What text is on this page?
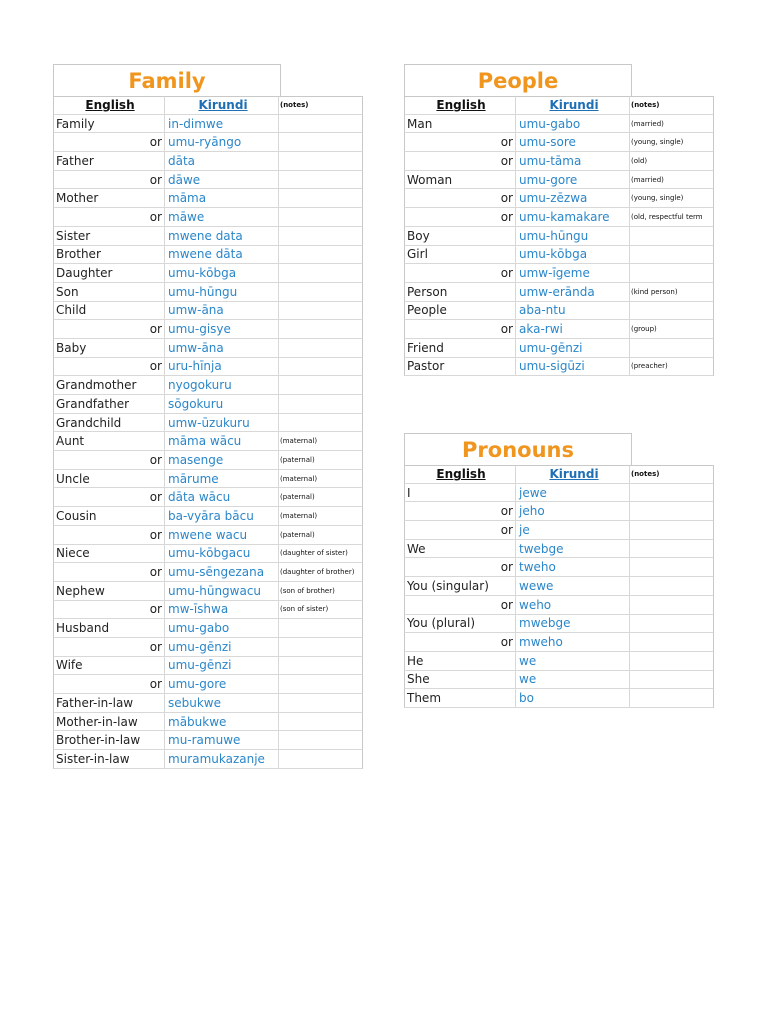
Family
English	Kirundi	(notes)
Family	in-dimwe
or umu-ryāngo
Father	dāta
or dāwe
Mother	māma
or māwe
Sister	mwene data
Brother	mwene dāta
Daughter	umu-kōbga
Son	umu-hūngu
Child	umw-āna
or umu-gisye
Baby	umw-āna
or uru-hīnja
Grandmother	nyogokuru
Grandfather	sōgokuru
Grandchild	umw-ūzukuru
Aunt	māma wācu	(maternal)
or masenge	(paternal)
Uncle	mārume	(maternal)
or dāta wācu	(paternal)
Cousin	ba-vyāra bācu	(maternal)
or mwene wacu	(paternal)
Niece	umu-kōbgacu	(daughter of sister)
or umu-sēngezana	(daughter of brother)
Nephew	umu-hūngwacu	(son of brother)
or mw-īshwa	(son of sister)
Husband	umu-gabo
or umu-gēnzi
Wife	umu-gēnzi
or umu-gore
Father-in-law	sebukwe
Mother-in-law	mābukwe
Brother-in-law	mu-ramuwe
Sister-in-law	muramukazanje
People
English	Kirundi	(notes)
Man	umu-gabo	(married)
or umu-sore	(young, single)
or umu-tāma	(old)
Woman	umu-gore	(married)
or umu-zēzwa	(young, single)
or umu-kamakare	(old, respectful term
Boy	umu-hūngu
Girl	umu-kōbga
or umw-īgeme
Person	umw-erānda	(kind person)
People	aba-ntu
or aka-rwi	(group)
Friend	umu-gēnzi
Pastor	umu-sigūzi	(preacher)
Pronouns
English	Kirundi	(notes)
I	jewe
or jeho
or je
We	twebge
or tweho
You (singular)	wewe
or weho
You (plural)	mwebge
or mweho
He	we
She	we
Them	bo
